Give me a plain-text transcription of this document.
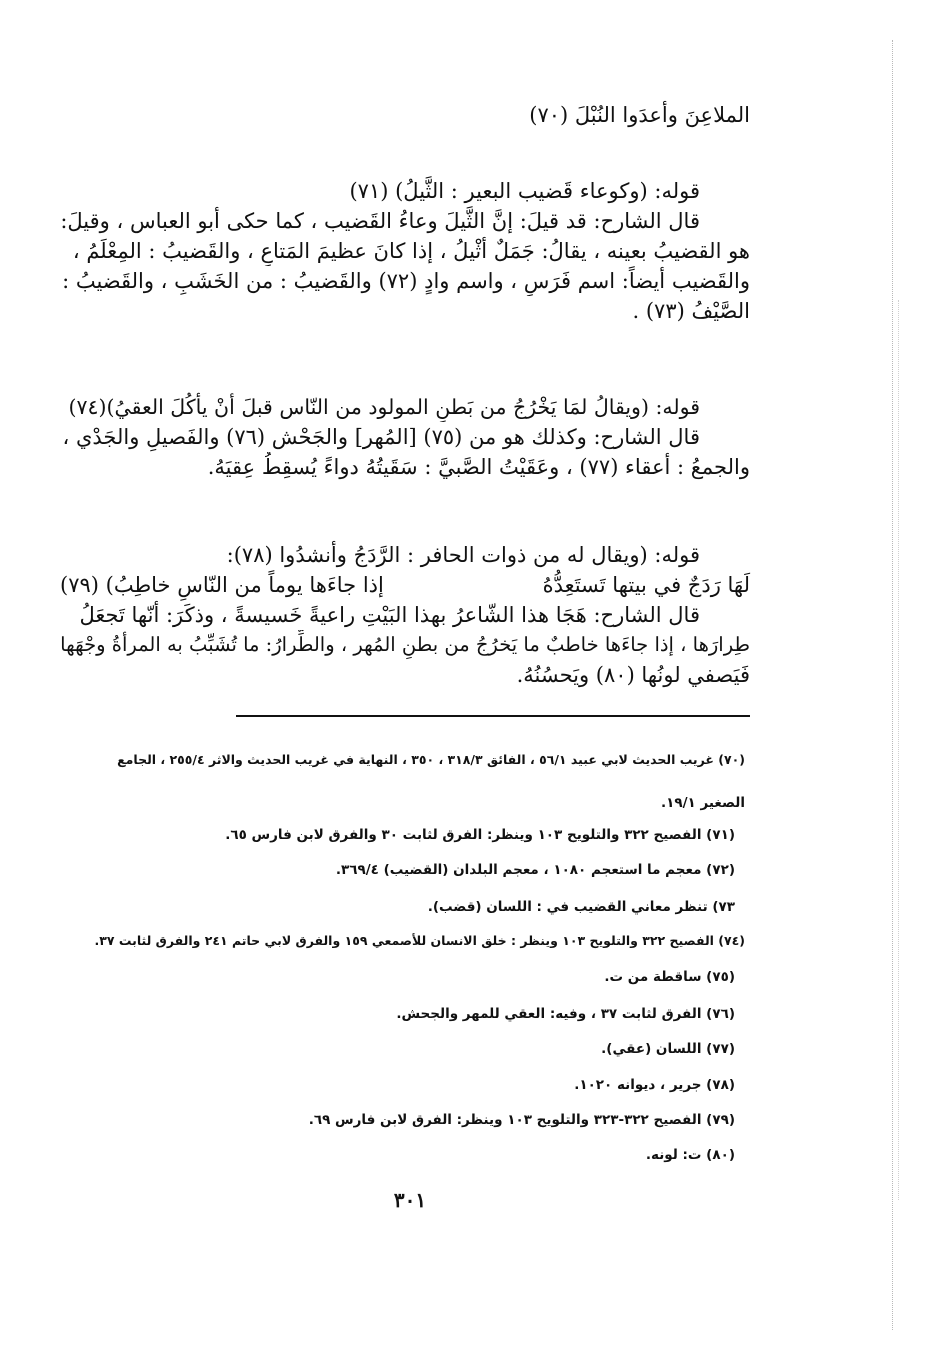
الملاعِنَ وأعدَوا النُبْلَ (٧٠)
قوله: (وكوعاء قَضيب البعير : الثَّيلُ) (٧١)
قال الشارح: قد قيلَ: إنَّ الثَّيلَ وعاءُ القَضيب ، كما حكى أبو العباس ، وقيلَ:
هو القضيبُ بعينه ، يقالُ: جَمَلٌ أثْيلُ ، إذا كانَ عظيمَ المَتاعِ ، والقَضيبُ : المِعْلَمُ ،
والقَضيب أيضاً: اسم فَرَسٍ ، واسم وادٍ (٧٢) والقَضيبُ : من الخَشَبِ ، والقَضيبُ :
الصَّيْفُ (٧٣) .
قوله: (ويقالُ لمَا يَخْرُجُ من بَطنِ المولود من النّاس قبلَ أنْ يأكُلَ العقيُ)(٧٤)
قال الشارح: وكذلك هو من (٧٥) [المُهر] والجَحْش (٧٦) والفَصيلِ والجَدْي ،
والجمعُ : أعقاء (٧٧) ، وعَقَيْتُ الصَّبيَّ : سَقَيتُهُ دواءً يُسقِطُ عِقيَهُ.
قوله: (ويقال له من ذوات الحافر : الرَّدَجُ وأنشدُوا (٧٨):
لَهَا رَدَجٌ في بيتها تَستَعِدُّهُ
إذا جاءَها يوماً من النّاسِ خاطِبُ) (٧٩)
قال الشارح: هَجَا هذا الشّاعرُ بهذا البَيْتِ راعيةً خَسيسةً ، وذكَرَ: أنّها تَجعَلُ
طِرارَها ، إذا جاءَها خاطبٌ ما يَخرُجُ من بطنِ المُهر ، والطِّرارُ: ما تُشَبِّبُ به المرأةُ وجْهَها
فَيَصفي لونُها (٨٠) ويَحسُنُهُ.
(٧٠) غريب الحديث لابي عبيد ٥٦/١ ، الفائق ٣١٨/٣ ، ٣٥٠ ، النهاية في غريب الحديث والاثر ٢٥٥/٤ ، الجامع
الصغير ١٩/١.
(٧١) الفصيح ٣٢٢ والتلويح ١٠٣ وينظر: الفرق لثابت ٣٠ والفرق لابن فارس ٦٥.
(٧٢) معجم ما استعجم ١٠٨٠ ، معجم البلدان (القضيب) ٣٦٩/٤.
٧٣) تنظر معاني القضيب في : اللسان (قضب).
(٧٤) الفصيح ٣٢٢ والتلويح ١٠٣ وينظر : خلق الانسان للأصمعي ١٥٩ والفرق لابي حاتم ٢٤١ والفرق لثابت ٣٧.
(٧٥) ساقطة من ت.
(٧٦) الفرق لثابت ٣٧ ، وفيه: العقي للمهر والجحش.
(٧٧) اللسان (عقي).
(٧٨) جرير ، ديوانه ١٠٢٠.
(٧٩) الفصيح ٣٢٢-٣٢٣ والتلويح ١٠٣ وينظر: الفرق لابن فارس ٦٩.
(٨٠) ت: لونه.
٣٠١
